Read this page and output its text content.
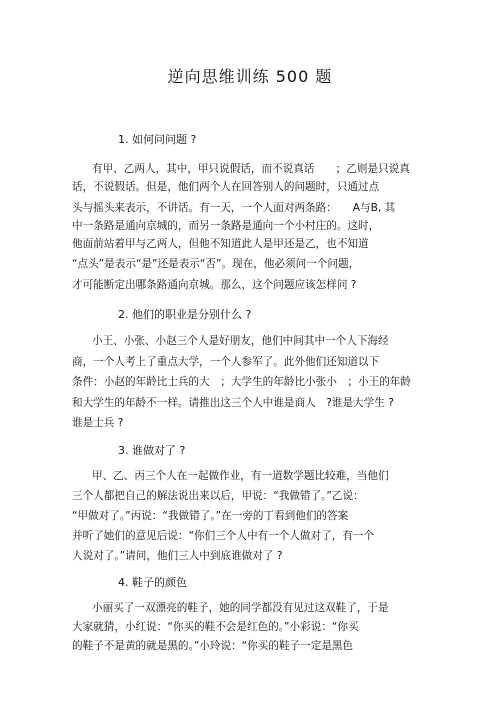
逆向思维训练 500 题
1. 如何问问题 ?
有甲、乙两人，其中，甲只说假话，而不说真话　　；乙则是只说真
话，不说假话。但是，他们两个人在回答别人的问题时，只通过点
头与摇头来表示，不讲话。有一天，一个人面对两条路：　　A与B, 其
中一条路是通向京城的，而另一条路是通向一个小村庄的。这时，
他面前站着甲与乙两人，但他不知道此人是甲还是乙，也不知道
“点头”是表示“是”还是表示“否”。现在，他必须问一个问题，
才可能断定出哪条路通向京城。那么，这个问题应该怎样问 ?
2. 他们的职业是分别什么 ?
小王、小张、小赵三个人是好朋友，他们中间其中一个人下海经
商，一个人考上了重点大学，一个人参军了。此外他们还知道以下
条件：小赵的年龄比士兵的大　；大学生的年龄比小张小　；小王的年龄
和大学生的年龄不一样。请推出这三个人中谁是商人　?谁是大学生 ?
谁是士兵 ?
3. 谁做对了 ?
甲、乙、丙三个人在一起做作业，有一道数学题比较难，当他们
三个人都把自己的解法说出来以后，甲说：“我做错了。”乙说：
“甲做对了。”丙说：“我做错了。”在一旁的丁看到他们的答案
并听了她们的意见后说：“你们三个人中有一个人做对了，有一个
人说对了。”请问，他们三人中到底谁做对了 ?
4. 鞋子的颜色
小丽买了一双漂亮的鞋子，她的同学都没有见过这双鞋了，于是
大家就猜，小红说：“你买的鞋不会是红色的。”小彩说：“你买
的鞋子不是黄的就是黑的。”小玲说：“你买的鞋子一定是黑色
